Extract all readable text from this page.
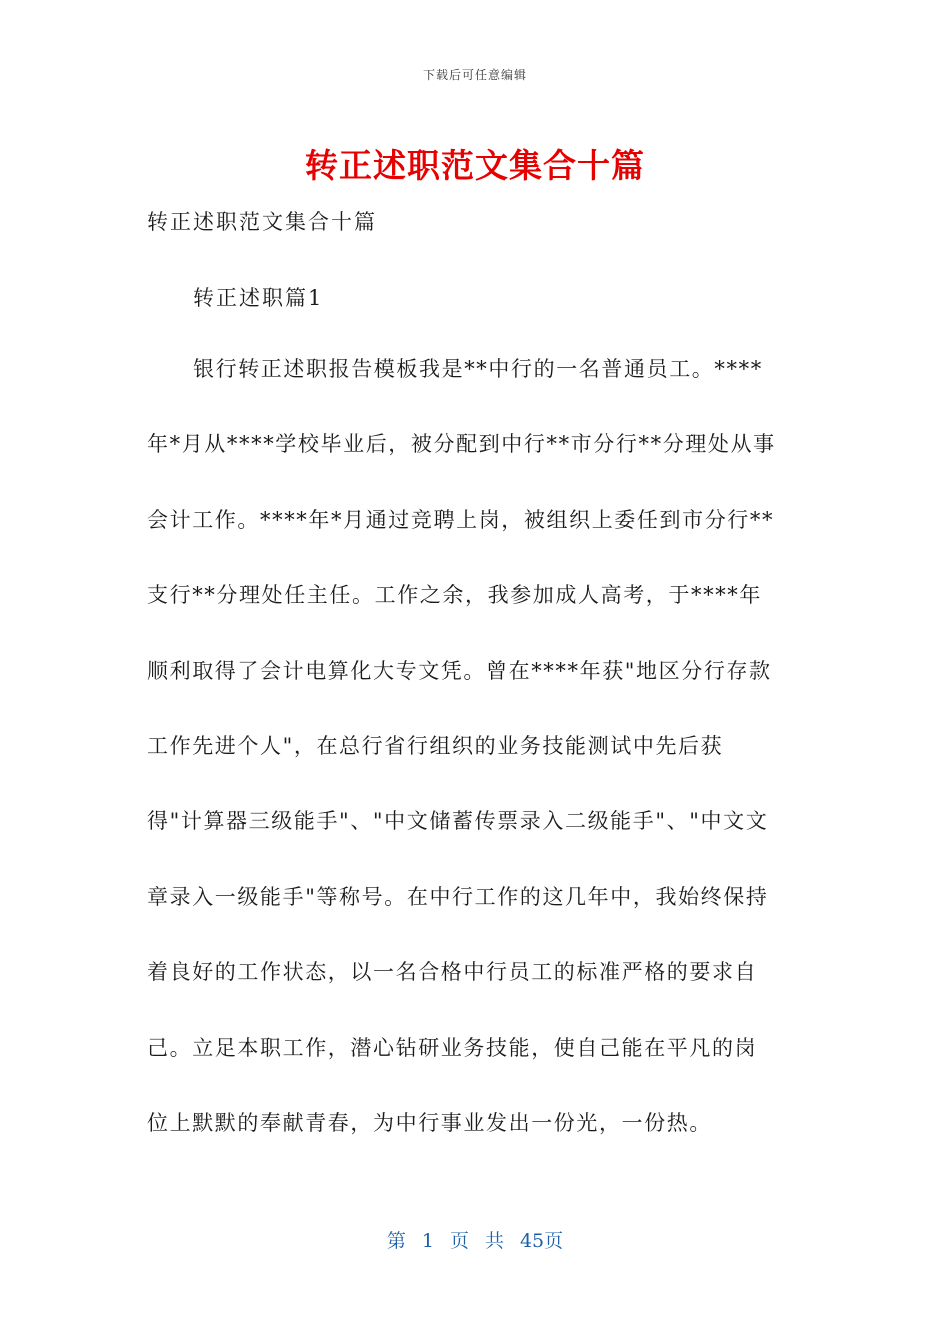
下载后可任意编辑
转正述职范文集合十篇

转正述职范文集合十篇

转正述职篇1

银行转正述职报告模板我是**中行的一名普通员工。****
年*月从****学校毕业后，被分配到中行**市分行**分理处从事
会计工作。****年*月通过竞聘上岗，被组织上委任到市分行**
支行**分理处任主任。工作之余，我参加成人高考，于****年
顺利取得了会计电算化大专文凭。曾在****年获"地区分行存款
工作先进个人"，在总行省行组织的业务技能测试中先后获
得"计算器三级能手"、"中文储蓄传票录入二级能手"、"中文文
章录入一级能手"等称号。在中行工作的这几年中，我始终保持
着良好的工作状态，以一名合格中行员工的标准严格的要求自
己。立足本职工作，潜心钻研业务技能，使自己能在平凡的岗
位上默默的奉献青春，为中行事业发出一份光，一份热。
第 1 页 共 45页
